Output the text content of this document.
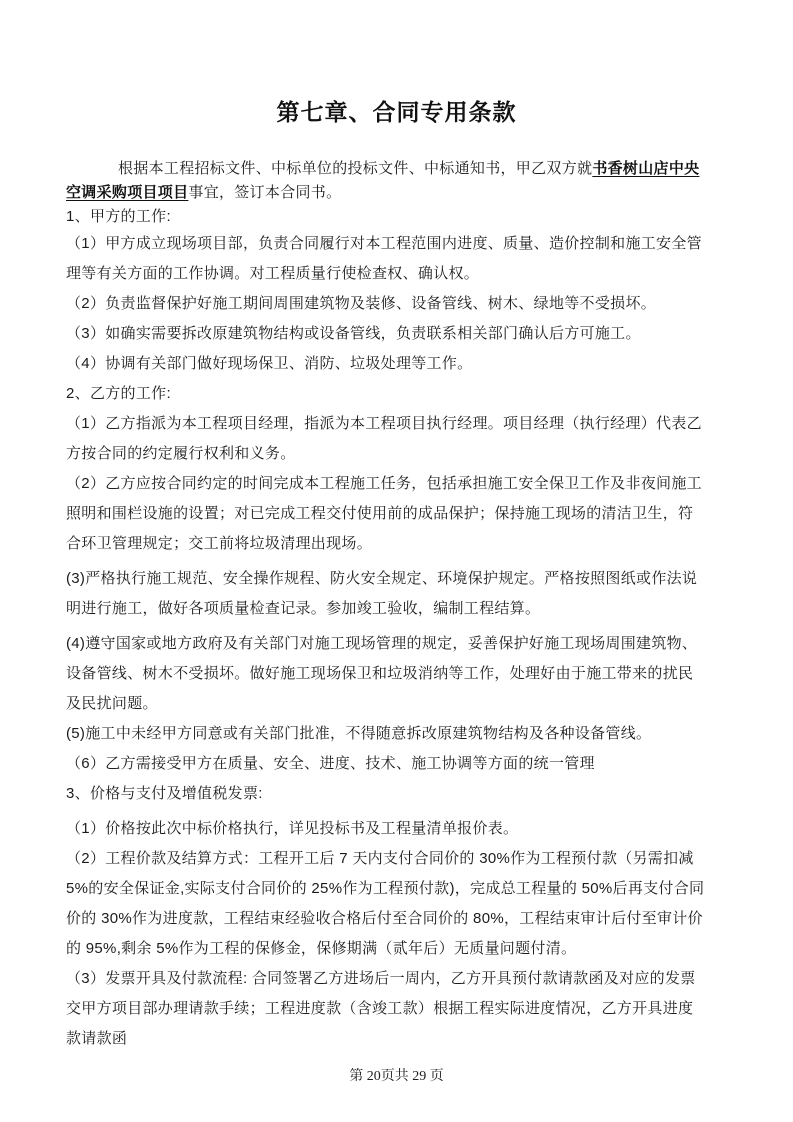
第七章、合同专用条款
根据本工程招标文件、中标单位的投标文件、中标通知书，甲乙双方就书香树山店中央空调采购项目项目事宜，签订本合同书。
1、甲方的工作:
（1）甲方成立现场项目部，负责合同履行对本工程范围内进度、质量、造价控制和施工安全管理等有关方面的工作协调。对工程质量行使检查权、确认权。
（2）负责监督保护好施工期间周围建筑物及装修、设备管线、树木、绿地等不受损坏。
（3）如确实需要拆改原建筑物结构或设备管线，负责联系相关部门确认后方可施工。
（4）协调有关部门做好现场保卫、消防、垃圾处理等工作。
2、乙方的工作:
（1）乙方指派为本工程项目经理，指派为本工程项目执行经理。项目经理（执行经理）代表乙方按合同的约定履行权利和义务。
（2）乙方应按合同约定的时间完成本工程施工任务，包括承担施工安全保卫工作及非夜间施工照明和围栏设施的设置；对已完成工程交付使用前的成品保护；保持施工现场的清洁卫生，符合环卫管理规定；交工前将垃圾清理出现场。
(3)严格执行施工规范、安全操作规程、防火安全规定、环境保护规定。严格按照图纸或作法说明进行施工，做好各项质量检查记录。参加竣工验收，编制工程结算。
(4)遵守国家或地方政府及有关部门对施工现场管理的规定，妥善保护好施工现场周围建筑物、设备管线、树木不受损坏。做好施工现场保卫和垃圾消纳等工作，处理好由于施工带来的扰民及民扰问题。
(5)施工中未经甲方同意或有关部门批准，不得随意拆改原建筑物结构及各种设备管线。
（6）乙方需接受甲方在质量、安全、进度、技术、施工协调等方面的统一管理
3、价格与支付及增值税发票:
（1）价格按此次中标价格执行，详见投标书及工程量清单报价表。
（2）工程价款及结算方式：工程开工后 7 天内支付合同价的 30%作为工程预付款（另需扣减 5%的安全保证金,实际支付合同价的 25%作为工程预付款)，完成总工程量的 50%后再支付合同价的 30%作为进度款，工程结束经验收合格后付至合同价的 80%，工程结束审计后付至审计价的 95%,剩余 5%作为工程的保修金，保修期满（贰年后）无质量问题付清。
（3）发票开具及付款流程: 合同签署乙方进场后一周内，乙方开具预付款请款函及对应的发票交甲方项目部办理请款手续；工程进度款（含竣工款）根据工程实际进度情况，乙方开具进度款请款函
第 20页共 29 页
